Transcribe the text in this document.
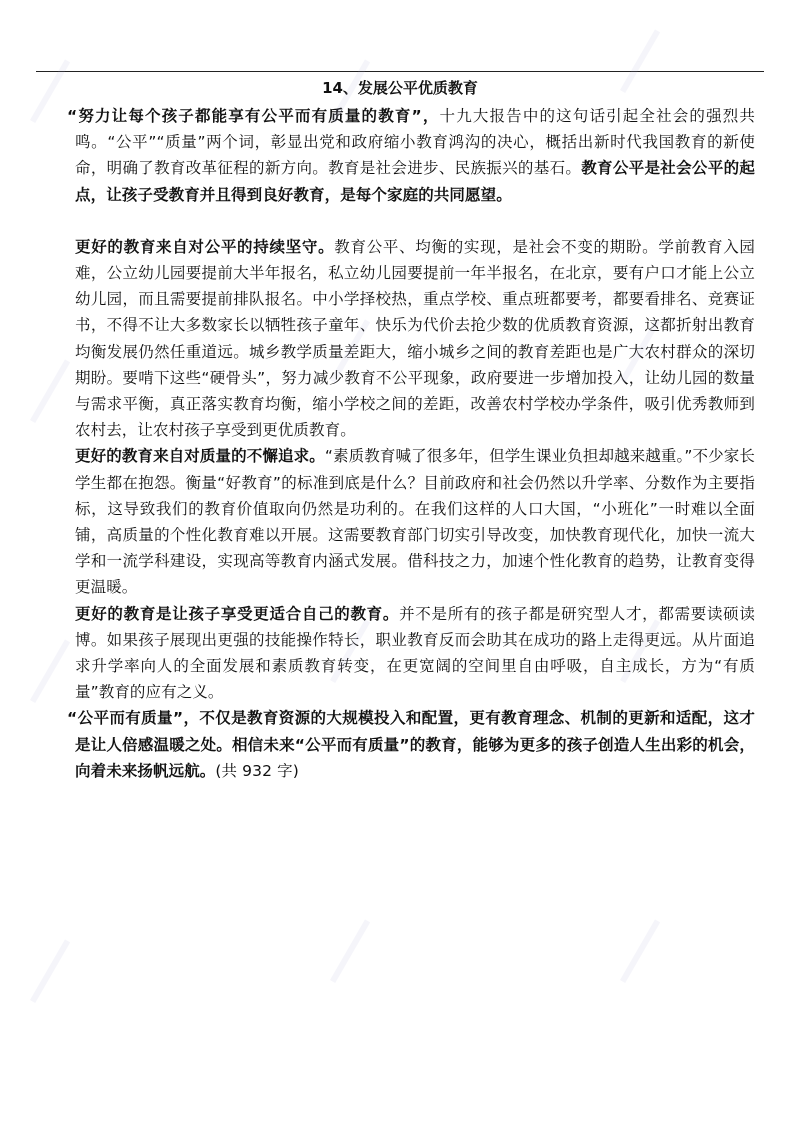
14、发展公平优质教育

“努力让每个孩子都能享有公平而有质量的教育”，十九大报告中的这句话引起全社会的强烈共鸣。“公平”“质量”两个词，彰显出党和政府缩小教育鸿沟的决心，概括出新时代我国教育的新使命，明确了教育改革征程的新方向。教育是社会进步、民族振兴的基石。教育公平是社会公平的起点，让孩子受教育并且得到良好教育，是每个家庭的共同愿望。

更好的教育来自对公平的持续坚守。教育公平、均衡的实现，是社会不变的期盼。学前教育入园难，公立幼儿园要提前大半年报名，私立幼儿园要提前一年半报名，在北京，要有户口才能上公立幼儿园，而且需要提前排队报名。中小学择校热，重点学校、重点班都要考，都要看排名、竞赛证书，不得不让大多数家长以牺牲孩子童年、快乐为代价去抢少数的优质教育资源，这都折射出教育均衡发展仍然任重道远。城乡教学质量差距大，缩小城乡之间的教育差距也是广大农村群众的深切期盼。要啃下这些“硬骨头”，努力减少教育不公平现象，政府要进一步增加投入，让幼儿园的数量与需求平衡，真正落实教育均衡，缩小学校之间的差距，改善农村学校办学条件，吸引优秀教师到农村去，让农村孩子享受到更优质教育。

更好的教育来自对质量的不懈追求。“素质教育喊了很多年，但学生课业负担却越来越重。”不少家长学生都在抱怨。衡量“好教育”的标准到底是什么？目前政府和社会仍然以升学率、分数作为主要指标，这导致我们的教育价值取向仍然是功利的。在我们这样的人口大国，“小班化”一时难以全面铺，高质量的个性化教育难以开展。这需要教育部门切实引导改变，加快教育现代化，加快一流大学和一流学科建设，实现高等教育内涵式发展。借科技之力，加速个性化教育的趋势，让教育变得更温暖。

更好的教育是让孩子享受更适合自己的教育。并不是所有的孩子都是研究型人才，都需要读硕读博。如果孩子展现出更强的技能操作特长，职业教育反而会助其在成功的路上走得更远。从片面追求升学率向人的全面发展和素质教育转变，在更宽阔的空间里自由呼吸，自主成长，方为“有质量”教育的应有之义。

“公平而有质量”，不仅是教育资源的大规模投入和配置，更有教育理念、机制的更新和适配，这才是让人倍感温暖之处。相信未来“公平而有质量”的教育，能够为更多的孩子创造人生出彩的机会，向着未来扬帆远航。(共 932 字)
